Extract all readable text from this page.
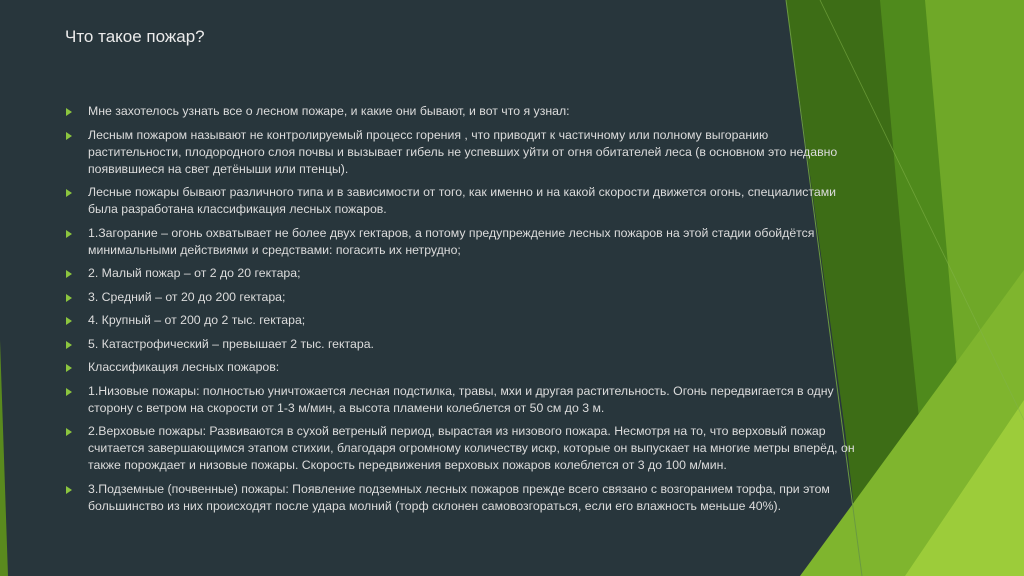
Что такое пожар?
Мне захотелось узнать все о лесном пожаре, и какие они бывают, и вот что я узнал:
Лесным пожаром называют не контролируемый процесс горения , что приводит к частичному или полному выгоранию растительности, плодородного слоя почвы и вызывает гибель не успевших уйти от огня обитателей леса (в основном это недавно появившиеся на свет детёныши или птенцы).
Лесные пожары бывают различного типа и в зависимости от того, как именно и на какой скорости движется огонь, специалистами была разработана классификация лесных пожаров.
1.Загорание – огонь охватывает не более двух гектаров, а потому предупреждение лесных пожаров на этой стадии обойдётся минимальными действиями и средствами: погасить их нетрудно;
2. Малый пожар – от 2 до 20 гектара;
3. Средний – от 20 до 200 гектара;
4. Крупный – от 200 до 2 тыс. гектара;
5. Катастрофический – превышает 2 тыс. гектара.
Классификация лесных пожаров:
1.Низовые пожары: полностью уничтожается лесная подстилка, травы, мхи и другая растительность. Огонь передвигается в одну сторону с ветром на скорости от 1-3 м/мин, а высота пламени колеблется от 50 см до 3 м.
2.Верховые пожары: Развиваются в сухой ветреный период, вырастая из низового пожара. Несмотря на то, что верховый пожар считается завершающимся этапом стихии, благодаря огромному количеству искр, которые он выпускает на многие метры вперёд, он также порождает и низовые пожары. Скорость передвижения верховых пожаров колеблется от 3 до 100 м/мин.
3.Подземные (почвенные) пожары: Появление подземных лесных пожаров прежде всего связано с возгоранием торфа, при этом большинство из них происходят после удара молний (торф склонен самовозгораться, если его влажность меньше 40%).
